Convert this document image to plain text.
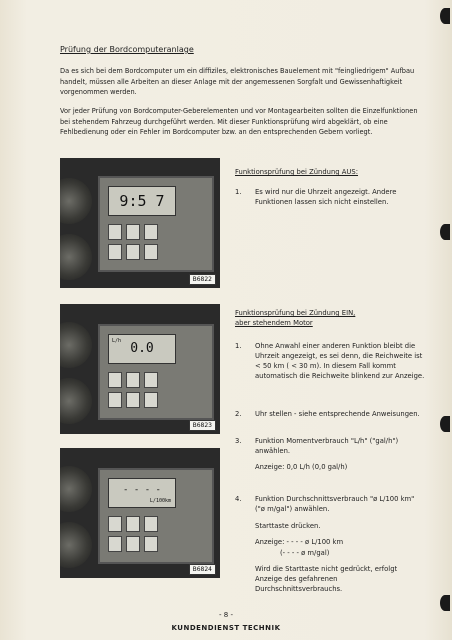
Prüfung der Bordcomputeranlage
Da es sich bei dem Bordcomputer um ein diffiziles, elektronisches Bauelement mit "feingliedrigem" Aufbau handelt, müssen alle Arbeiten an dieser Anlage mit der angemessenen Sorgfalt und Gewissenhaftigkeit vorgenommen werden.
Vor jeder Prüfung von Bordcomputer-Geberelementen und vor Montagearbeiten sollten die Einzelfunktionen bei stehendem Fahrzeug durchgeführt werden. Mit dieser Funktionsprüfung wird abgeklärt, ob eine Fehlbedienung oder ein Fehler im Bordcomputer bzw. an den entsprechenden Gebern vorliegt.
9:5 7
B6822
L/h 0.0
B6823
- - - -
L/100km
B6824
Funktionsprüfung bei Zündung AUS:
1. Es wird nur die Uhrzeit angezeigt. Andere Funktionen lassen sich nicht einstellen.
Funktionsprüfung bei Zündung EIN,
aber stehendem Motor
1. Ohne Anwahl einer anderen Funktion bleibt die Uhrzeit angezeigt, es sei denn, die Reichweite ist < 50 km ( < 30 m). In diesem Fall kommt automatisch die Reichweite blinkend zur Anzeige.
2. Uhr stellen - siehe entsprechende Anweisungen.
3. Funktion Momentverbrauch "L/h" ("gal/h") anwählen.
Anzeige: 0,0 L/h (0,0 gal/h)
4. Funktion Durchschnittsverbrauch "ø L/100 km" ("ø m/gal") anwählen.
Starttaste drücken.
Anzeige: - - - - ø L/100 km
(- - - - ø m/gal)
Wird die Starttaste nicht gedrückt, erfolgt Anzeige des gefahrenen Durchschnittsverbrauchs.
- 8 -
KUNDENDIENST TECHNIK
